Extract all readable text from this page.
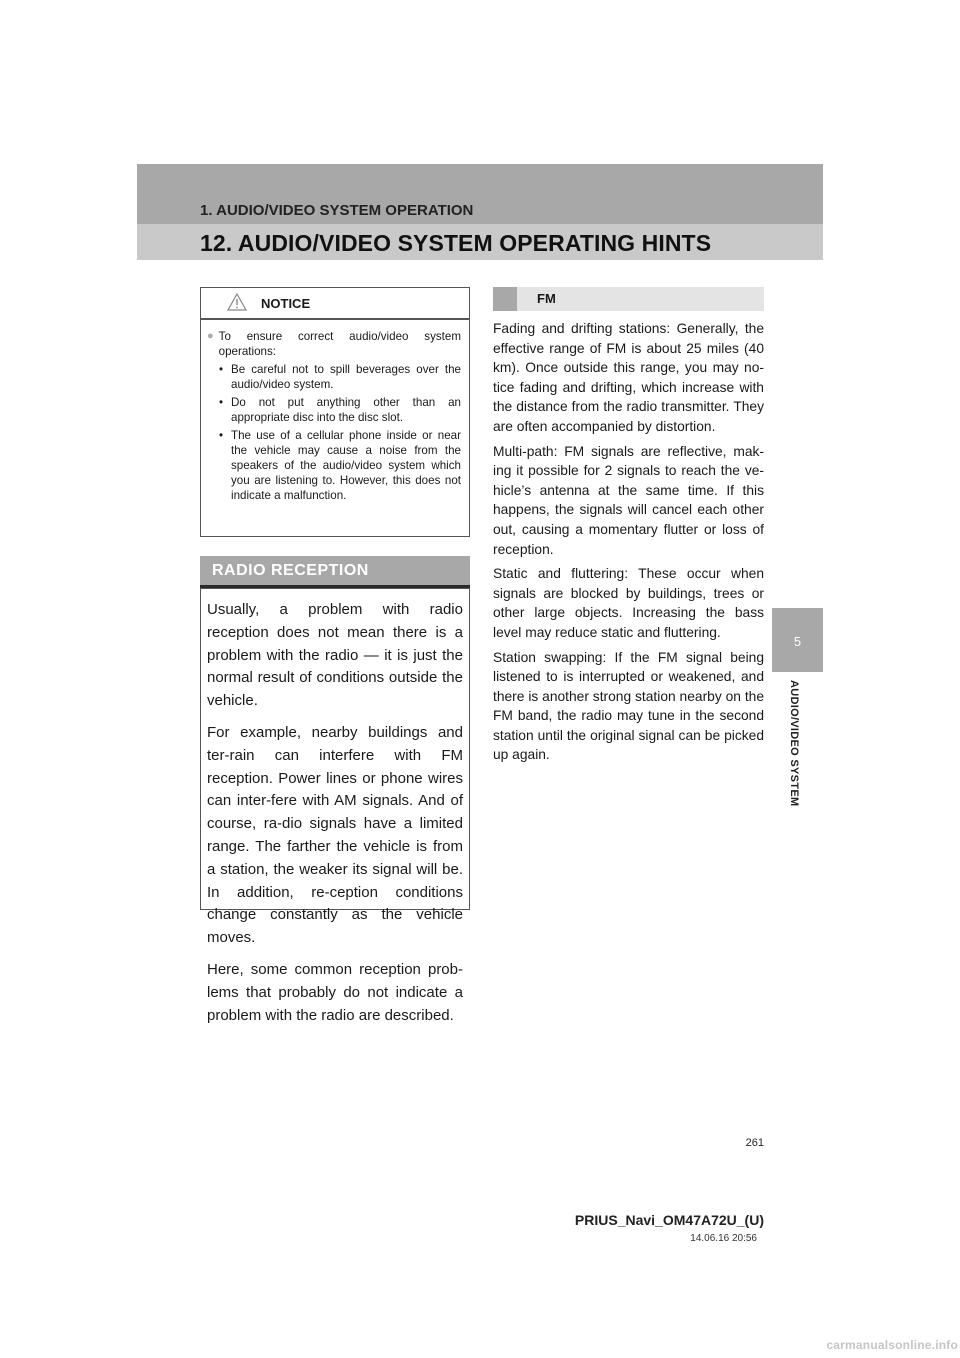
1. AUDIO/VIDEO SYSTEM OPERATION
12. AUDIO/VIDEO SYSTEM OPERATING HINTS
5
AUDIO/VIDEO SYSTEM
NOTICE
● To ensure correct audio/video system operations:
• Be careful not to spill beverages over the audio/video system.
• Do not put anything other than an appropriate disc into the disc slot.
• The use of a cellular phone inside or near the vehicle may cause a noise from the speakers of the audio/video system which you are listening to. However, this does not indicate a malfunction.
RADIO RECEPTION

Usually, a problem with radio reception does not mean there is a problem with the radio — it is just the normal result of conditions outside the vehicle.

For example, nearby buildings and ter-rain can interfere with FM reception. Power lines or phone wires can inter-fere with AM signals. And of course, ra-dio signals have a limited range. The farther the vehicle is from a station, the weaker its signal will be. In addition, re-ception conditions change constantly as the vehicle moves.

Here, some common reception prob-lems that probably do not indicate a problem with the radio are described.

FM

Fading and drifting stations: Generally, the effective range of FM is about 25 miles (40 km). Once outside this range, you may no-tice fading and drifting, which increase with the distance from the radio transmitter. They are often accompanied by distortion.

Multi-path: FM signals are reflective, mak-ing it possible for 2 signals to reach the ve-hicle’s antenna at the same time. If this happens, the signals will cancel each other out, causing a momentary flutter or loss of reception.

Static and fluttering: These occur when signals are blocked by buildings, trees or other large objects. Increasing the bass level may reduce static and fluttering.

Station swapping: If the FM signal being listened to is interrupted or weakened, and there is another strong station nearby on the FM band, the radio may tune in the second station until the original signal can be picked up again.

261
PRIUS_Navi_OM47A72U_(U)
14.06.16 20:56
carmanualsonline.info
